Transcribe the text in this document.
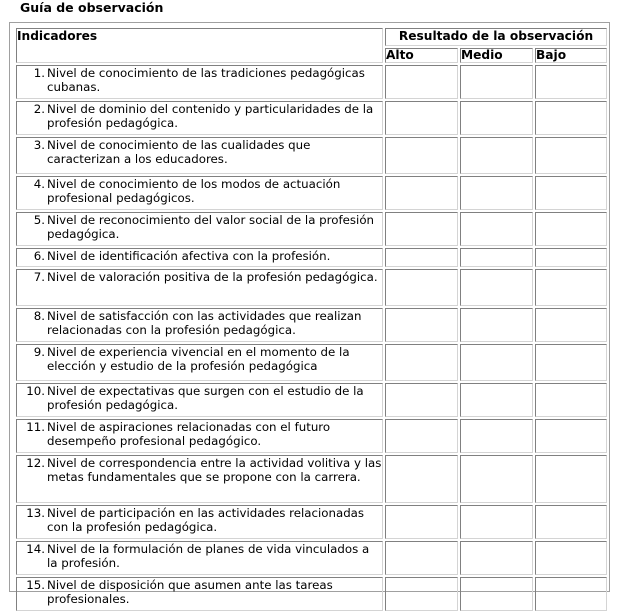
Guía de observación
Indicadores	Resultado de la observación		
	Alto	Medio	Bajo

1. Nivel de conocimiento de las tradiciones pedagógicas cubanas.			

2. Nivel de dominio del contenido y particularidades de la profesión pedagógica.			

3. Nivel de conocimiento de las cualidades que caracterizan a los educadores.			

4. Nivel de conocimiento de los modos de actuación profesional pedagógicos.			

5. Nivel de reconocimiento del valor social de la profesión pedagógica.			

6. Nivel de identificación afectiva con la profesión.			

7. Nivel de valoración positiva de la profesión pedagógica.			

8. Nivel de satisfacción con las actividades que realizan relacionadas con la profesión pedagógica.			

9. Nivel de experiencia vivencial en el momento de la elección y estudio de la profesión pedagógica			

10. Nivel de expectativas que surgen con el estudio de la profesión pedagógica.			

11. Nivel de aspiraciones relacionadas con el futuro desempeño profesional pedagógico.			

12. Nivel de correspondencia entre la actividad volitiva y las metas fundamentales que se propone con la carrera.			

13. Nivel de participación en las actividades relacionadas con la profesión pedagógica.			

14. Nivel de la formulación de planes de vida vinculados a la profesión.			

15. Nivel de disposición que asumen ante las tareas profesionales.			
